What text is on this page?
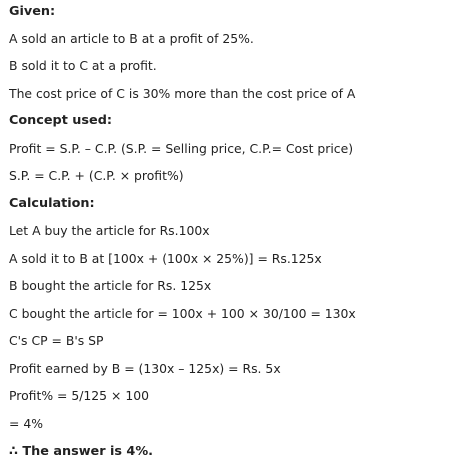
Given:
A sold an article to B at a profit of 25%.
B sold it to C at a profit.
The cost price of C is 30% more than the cost price of A
Concept used:
Profit = S.P. – C.P. (S.P. = Selling price, C.P.= Cost price)
S.P. = C.P. + (C.P. × profit%)
Calculation:
Let A buy the article for Rs.100x
A sold it to B at [100x + (100x × 25%)] = Rs.125x
B bought the article for Rs. 125x
C bought the article for = 100x + 100 × 30/100 = 130x
C's CP = B's SP
Profit earned by B = (130x – 125x) = Rs. 5x
Profit% = 5/125 × 100
= 4%
∴ The answer is 4%.
